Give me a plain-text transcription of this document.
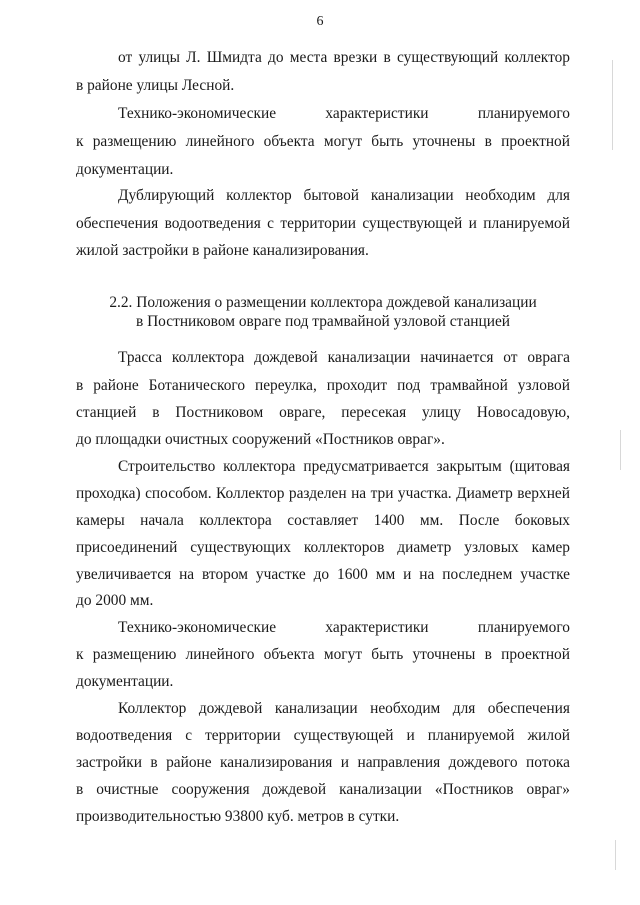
6
от улицы Л. Шмидта до места врезки в существующий коллектор
в районе улицы Лесной.
Технико-экономические характеристики планируемого
к размещению линейного объекта могут быть уточнены в проектной
документации.
Дублирующий коллектор бытовой канализации необходим для
обеспечения водоотведения с территории существующей и планируемой
жилой застройки в районе канализирования.
2.2. Положения о размещении коллектора дождевой канализации
в Постниковом овраге под трамвайной узловой станцией
Трасса коллектора дождевой канализации начинается от оврага
в районе Ботанического переулка, проходит под трамвайной узловой
станцией в Постниковом овраге, пересекая улицу Новосадовую,
до площадки очистных сооружений «Постников овраг».
Строительство коллектора предусматривается закрытым (щитовая
проходка) способом. Коллектор разделен на три участка. Диаметр верхней
камеры начала коллектора составляет 1400 мм. После боковых
присоединений существующих коллекторов диаметр узловых камер
увеличивается на втором участке до 1600 мм и на последнем участке
до 2000 мм.
Технико-экономические характеристики планируемого
к размещению линейного объекта могут быть уточнены в проектной
документации.
Коллектор дождевой канализации необходим для обеспечения
водоотведения с территории существующей и планируемой жилой
застройки в районе канализирования и направления дождевого потока
в очистные сооружения дождевой канализации «Постников овраг»
производительностью 93800 куб. метров в сутки.
